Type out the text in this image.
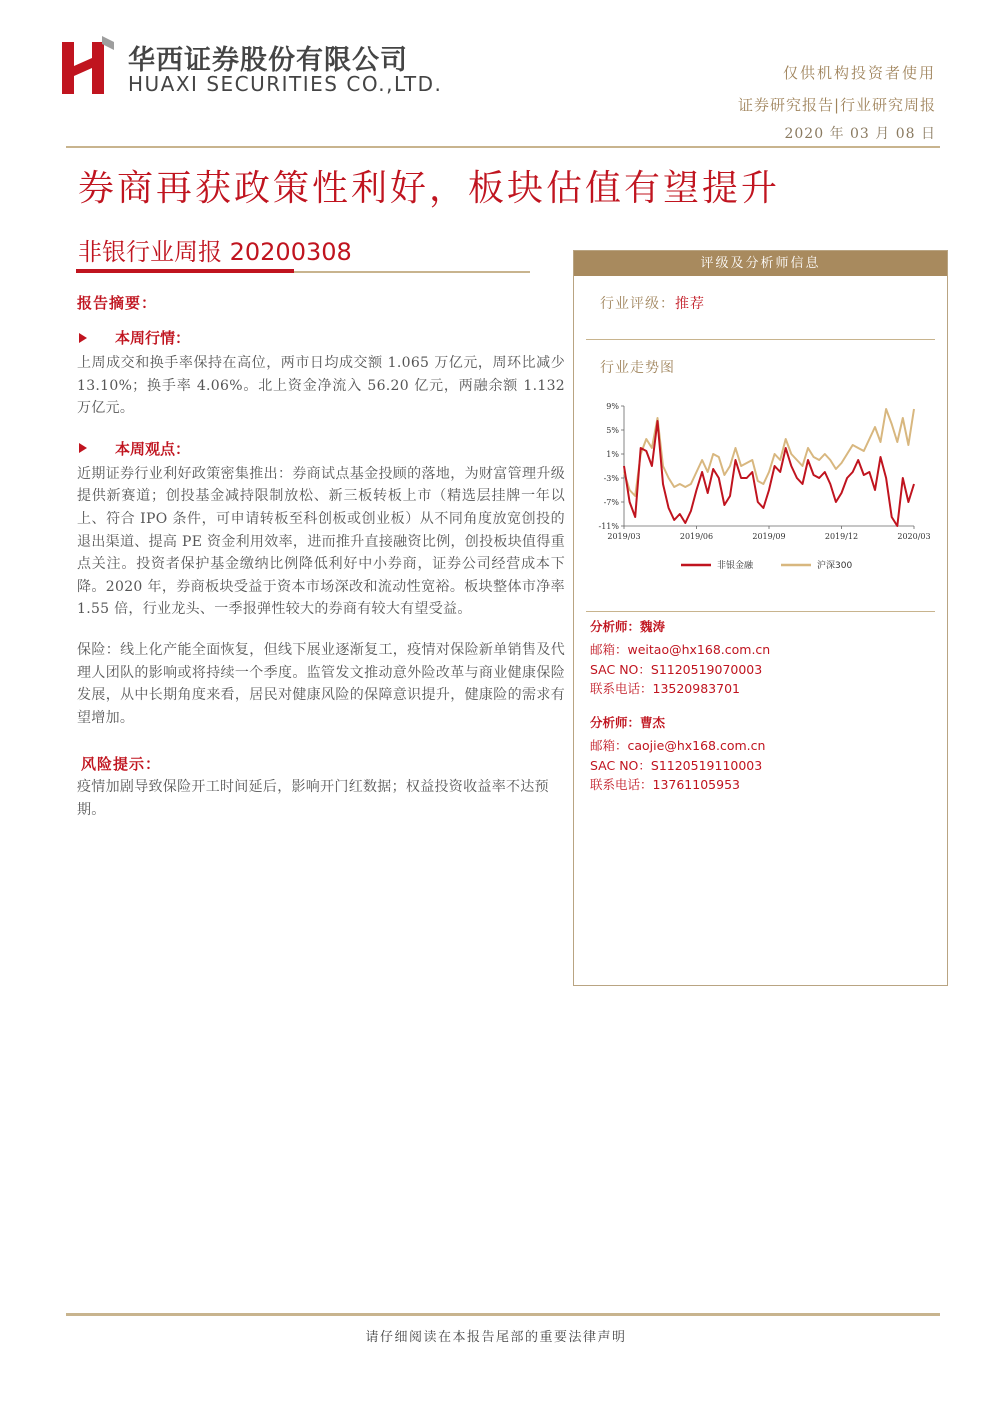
华西证券股份有限公司
HUAXI SECURITIES CO.,LTD.	仅供机构投资者使用
证券研究报告|行业研究周报
2020 年 03 月 08 日
券商再获政策性利好，板块估值有望提升
非银行业周报 20200308
报告摘要：
本周行情：

上周成交和换手率保持在高位，两市日均成交额 1.065 万亿元，周环比减少 13.10%；换手率 4.06%。北上资金净流入 56.20 亿元，两融余额 1.132 万亿元。

本周观点：

近期证券行业利好政策密集推出：券商试点基金投顾的落地，为财富管理升级提供新赛道；创投基金减持限制放松、新三板转板上市（精选层挂牌一年以上、符合 IPO 条件，可申请转板至科创板或创业板）从不同角度放宽创投的退出渠道、提高 PE 资金利用效率，进而推升直接融资比例，创投板块值得重点关注。投资者保护基金缴纳比例降低利好中小券商，证券公司经营成本下降。2020 年，券商板块受益于资本市场深改和流动性宽裕。板块整体市净率 1.55 倍，行业龙头、一季报弹性较大的券商有较大有望受益。

保险：线上化产能全面恢复，但线下展业逐渐复工，疫情对保险新单销售及代理人团队的影响或将持续一个季度。监管发文推动意外险改革与商业健康保险发展，从中长期角度来看，居民对健康风险的保障意识提升，健康险的需求有望增加。

风险提示：
疫情加剧导致保险开工时间延后，影响开门红数据；权益投资收益率不达预期。
评级及分析师信息
行业评级：推荐
行业走势图
9%
5%
1%
-3%
-7%
-11%
2019/03	2019/06	2019/09	2019/12	2020/03
非银金融	沪深300
分析师：魏涛
邮箱：weitao@hx168.com.cn
SAC NO：S1120519070003
联系电话：13520983701
分析师：曹杰
邮箱：caojie@hx168.com.cn
SAC NO：S1120519110003
联系电话：13761105953
请仔细阅读在本报告尾部的重要法律声明
